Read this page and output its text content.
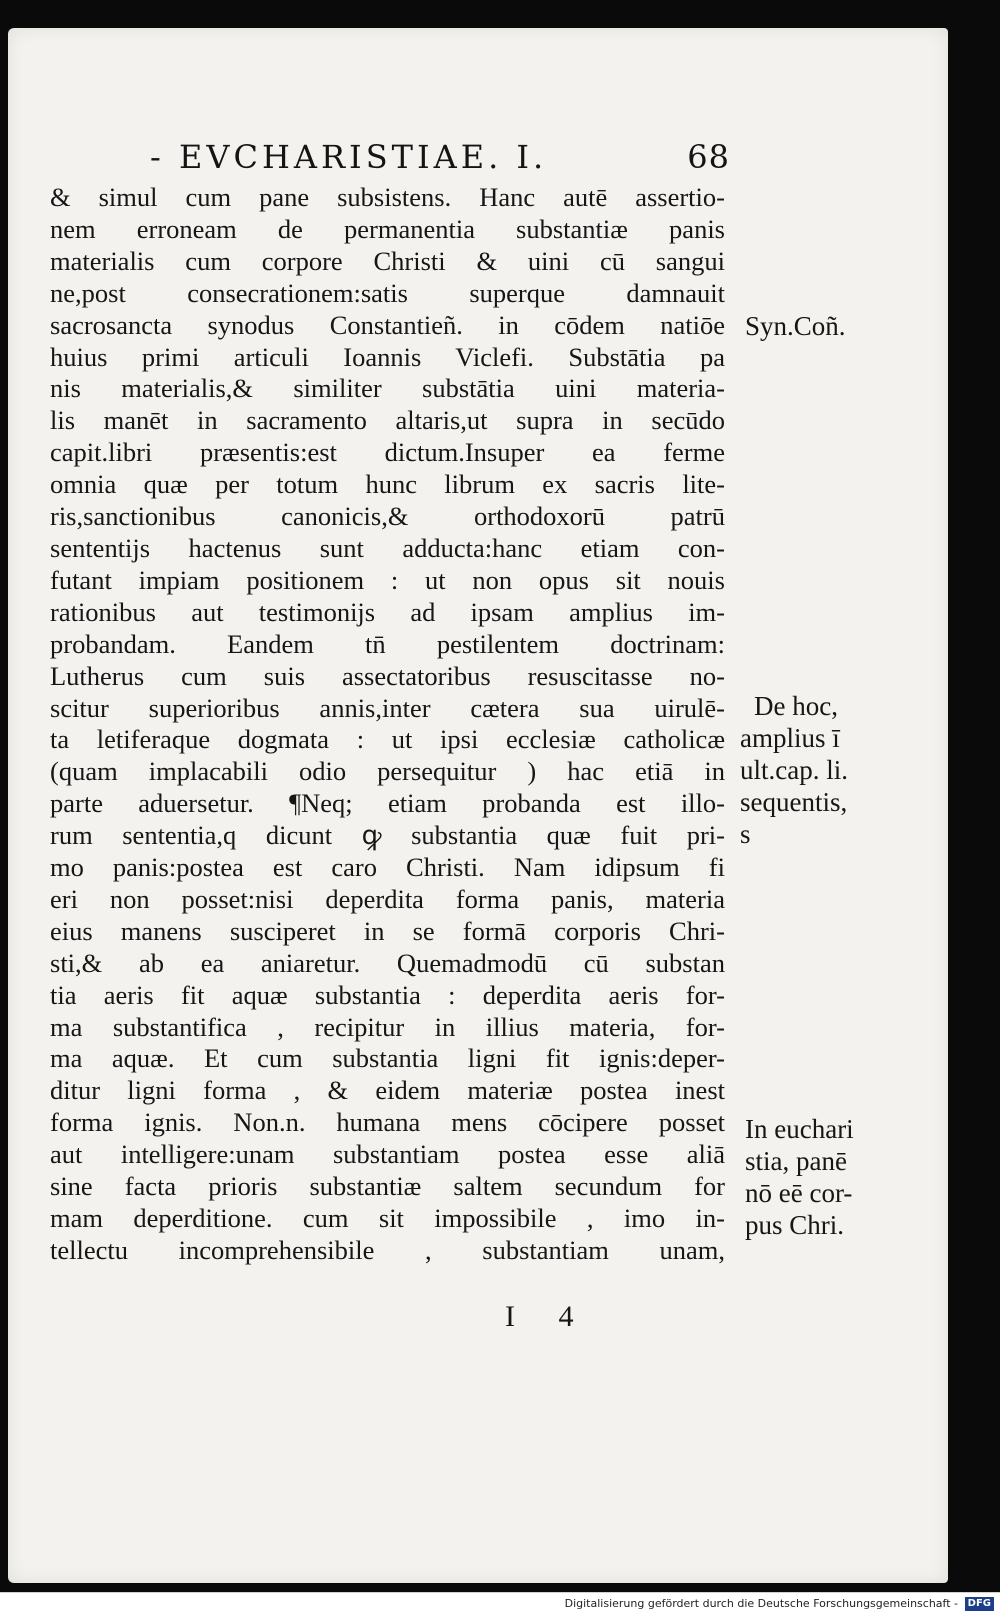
- EVCHARISTIAE. I.	68
& simul cum pane subsistens. Hanc autē assertio-
nem erroneam de permanentia substantiæ panis
materialis cum corpore Christi & uini cū sangui
ne,post consecrationem:satis superque damnauit
sacrosancta synodus Constantieñ. in cōdem natiōe
huius primi articuli Ioannis Viclefi. Substātia pa
nis materialis,& similiter substātia uini materia-
lis manēt in sacramento altaris,ut supra in secūdo
capit.libri præsentis:est dictum.Insuper ea ferme
omnia quæ per totum hunc librum ex sacris lite-
ris,sanctionibus canonicis,& orthodoxorū patrū
sententijs hactenus sunt adducta:hanc etiam con-
futant impiam positionem : ut non opus sit nouis
rationibus aut testimonijs ad ipsam amplius im-
probandam. Eandem tn̄ pestilentem doctrinam:
Lutherus cum suis assectatoribus resuscitasse no-
scitur superioribus annis,inter cætera sua uirulē-
ta letiferaque dogmata : ut ipsi ecclesiæ catholicæ
(quam implacabili odio persequitur ) hac etiā in
parte aduersetur. ¶Neq; etiam probanda est illo-
rum sententia,q dicunt ꝙ substantia quæ fuit pri-
mo panis:postea est caro Christi. Nam idipsum fi
eri non posset:nisi deperdita forma panis, materia
eius manens susciperet in se formā corporis Chri-
sti,& ab ea aniaretur. Quemadmodū cū substan
tia aeris fit aquæ substantia : deperdita aeris for-
ma substantifica , recipitur in illius materia, for-
ma aquæ. Et cum substantia ligni fit ignis:deper-
ditur ligni forma , & eidem materiæ postea inest
forma ignis. Non.n. humana mens cōcipere posset
aut intelligere:unam substantiam postea esse aliā
sine facta prioris substantiæ saltem secundum for
mam deperditione. cum sit impossibile , imo in-
tellectu incomprehensibile , substantiam unam,
Syn.Coñ.
De hoc,
amplius ī
ult.cap. li.
sequentis,
s
In euchari
stia, panē
nō eē cor-
pus Chri.
I 4
Digitalisierung gefördert durch die Deutsche Forschungsgemeinschaft - DFG
